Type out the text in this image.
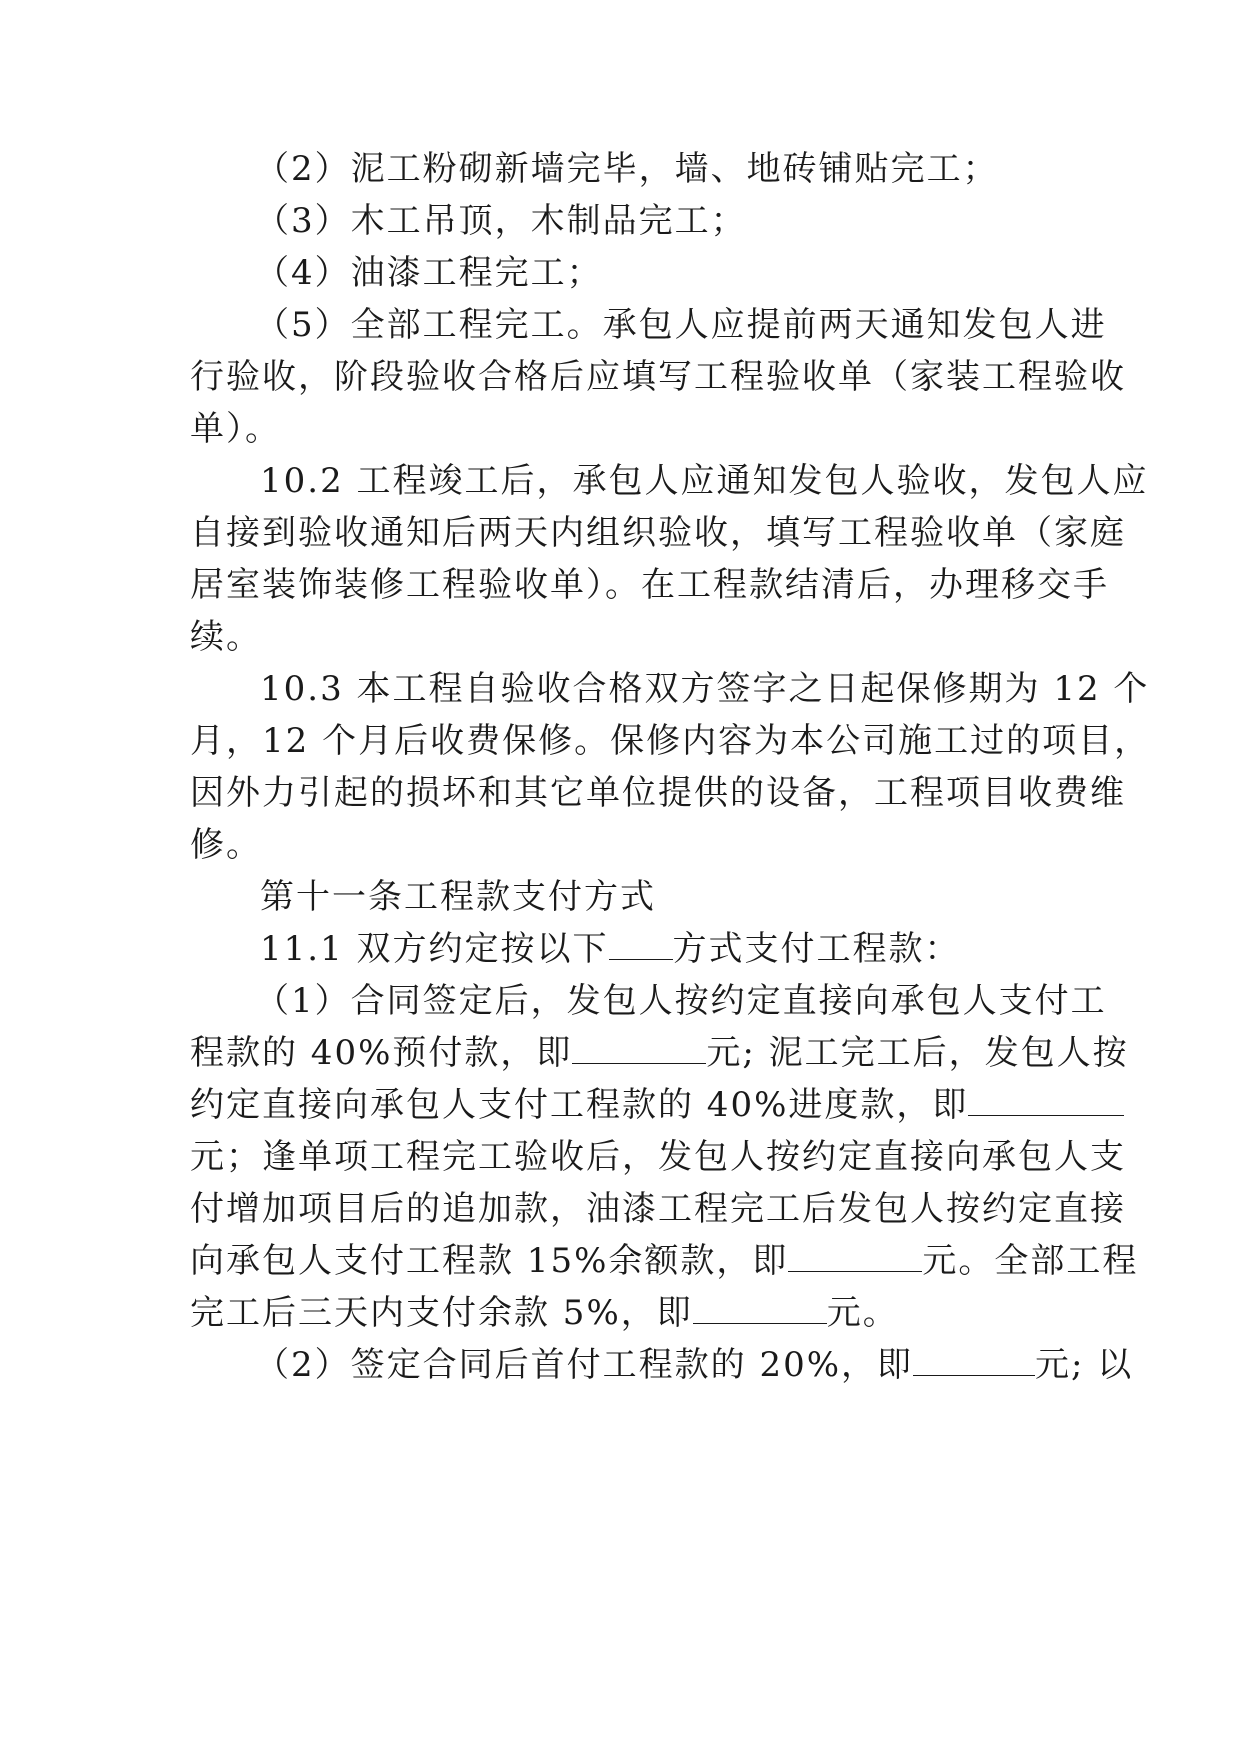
（2）泥工粉砌新墙完毕，墙、地砖铺贴完工；
（3）木工吊顶，木制品完工；
（4）油漆工程完工；
（5）全部工程完工。承包人应提前两天通知发包人进
行验收，阶段验收合格后应填写工程验收单（家装工程验收
单）。
10.2 工程竣工后，承包人应通知发包人验收，发包人应
自接到验收通知后两天内组织验收，填写工程验收单（家庭
居室装饰装修工程验收单）。在工程款结清后，办理移交手
续。
10.3 本工程自验收合格双方签字之日起保修期为 12 个
月，12 个月后收费保修。保修内容为本公司施工过的项目，
因外力引起的损坏和其它单位提供的设备，工程项目收费维
修。
第十一条工程款支付方式
11.1 双方约定按以下 方式支付工程款：
（1）合同签定后，发包人按约定直接向承包人支付工
程款的 40%预付款，即	元; 泥工完工后，发包人按
约定直接向承包人支付工程款的 40%进度款，即
元；逢单项工程完工验收后，发包人按约定直接向承包人支
付增加项目后的追加款，油漆工程完工后发包人按约定直接
向承包人支付工程款 15%余额款，即	元。全部工程
完工后三天内支付余款 5%，即	元。
（2）签定合同后首付工程款的 20%，即	元; 以
